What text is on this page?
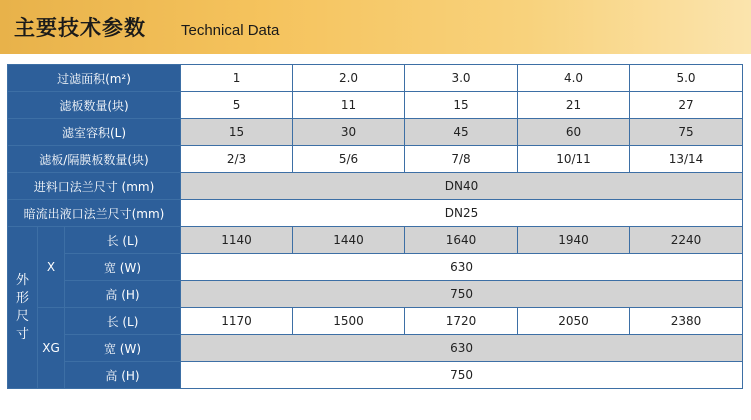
主要技术参数 Technical Data
过滤面积(m²)			1	2.0	3.0	4.0	5.0
滤板数量(块)			5	11	15	21	27
滤室容积(L)			15	30	45	60	75
滤板/隔膜板数量(块)			2/3	5/6	7/8	10/11	13/14
进料口法兰尺寸 (mm)			DN40				
暗流出液口法兰尺寸(mm)			DN25				
外形尺寸	X	长 (L)	1140	1440	1640	1940	2240
		宽 (W)	630				
		高 (H)	750				
	XG	长 (L)	1170	1500	1720	2050	2380
		宽 (W)	630				
		高 (H)	750				
